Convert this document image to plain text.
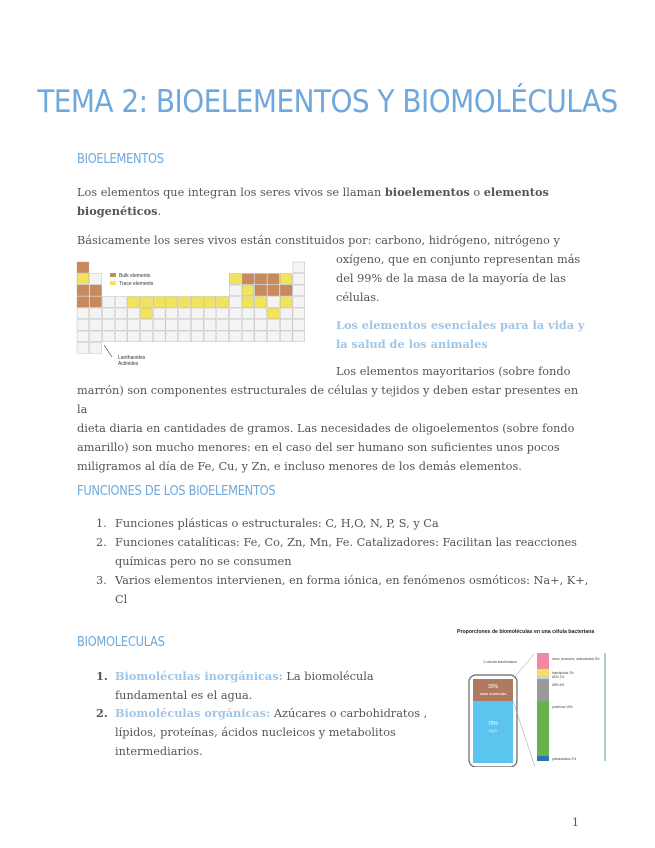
TEMA 2: BIOELEMENTOS Y BIOMOLÉCULAS
BIOELEMENTOS
Los elementos que integran los seres vivos se llaman bioelementos o elementos
biogenéticos.
Básicamente los seres vivos están constituidos por: carbono, hidrógeno, nitrógeno y
oxígeno, que en conjunto representan más
del 99% de la masa de la mayoría de las
células.
Los elementos esenciales para la vida y
la salud de los animales
Los elementos mayoritarios (sobre fondo
marrón) son componentes estructurales de células y tejidos y deben estar presentes en la
dieta diaria en cantidades de gramos. Las necesidades de oligoelementos (sobre fondo
amarillo) son mucho menores: en el caso del ser humano son suficientes unos pocos
miligramos al día de Fe, Cu, y Zn, e incluso menores de los demás elementos.
Bulk elements
Trace elements
Lanthanides
Actinides
FUNCIONES DE LOS BIOELEMENTOS
1. Funciones plásticas o estructurales: C, H,O, N, P, S, y Ca
2. Funciones catalíticas: Fe, Co, Zn, Mn, Fe. Catalizadores: Facilitan las reacciones
químicas pero no se consumen
3. Varios elementos intervienen, en forma iónica, en fenómenos osmóticos: Na+, K+,
Cl
BIOMOLECULAS
1. Biomoléculas inorgánicas: La biomolécula
fundamental es el agua.
2. Biomoléculas orgánicas: Azúcares o carbohidratos ,
lípidos, proteínas, ácidos nucleicos y metabolitos
intermediarios.
Proporciones de biomoléculas en una célula bacteriana
1 célula bacteriana
30%
otras moléculas
70%
H₂O
iones, azúcares, aminoácidos 5%
fosfolípidos 2%
ADN 1%
ARN 6%
proteínas 15%
polisacáridos 2%
1
